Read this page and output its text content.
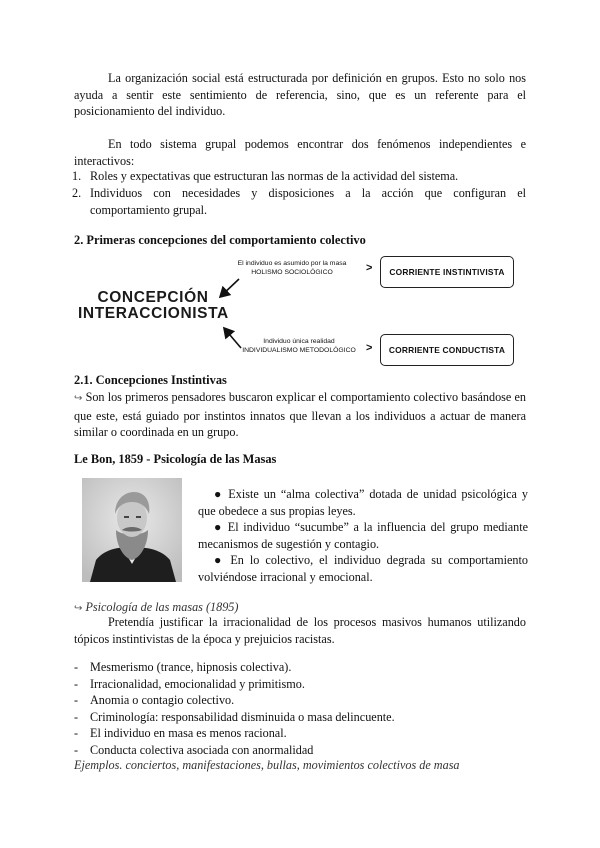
La organización social está estructurada por definición en grupos. Esto no solo nos ayuda a sentir este sentimiento de referencia, sino, que es un referente para el posicionamiento del individuo.
En todo sistema grupal podemos encontrar dos fenómenos independientes e interactivos:
1. Roles y expectativas que estructuran las normas de la actividad del sistema.
2. Individuos con necesidades y disposiciones a la acción que configuran el comportamiento grupal.
2. Primeras concepciones del comportamiento colectivo
CONCEPCIÓN
INTERACCIONISTA
El individuo es asumido por la masa
HOLISMO SOCIOLÓGICO	>	CORRIENTE INSTINTIVISTA
Individuo única realidad
INDIVIDUALISMO METODOLÓGICO >	CORRIENTE CONDUCTISTA
2.1. Concepciones Instintivas
↪ Son los primeros pensadores buscaron explicar el comportamiento colectivo basándose en que este, está guiado por instintos innatos que llevan a los individuos a actuar de manera similar o coordinada en un grupo.
Le Bon, 1859 - Psicología de las Masas
● Existe un “alma colectiva” dotada de unidad psicológica y que obedece a sus propias leyes.
● El individuo “sucumbe” a la influencia del grupo mediante mecanismos de sugestión y contagio.
● En lo colectivo, el individuo degrada su comportamiento volviéndose irracional y emocional.
↪ Psicología de las masas (1895)
Pretendía justificar la irracionalidad de los procesos masivos humanos utilizando tópicos instintivistas de la época y prejuicios racistas.
- Mesmerismo (trance, hipnosis colectiva).
- Irracionalidad, emocionalidad y primitismo.
- Anomia o contagio colectivo.
- Criminología: responsabilidad disminuida o masa delincuente.
- El individuo en masa es menos racional.
- Conducta colectiva asociada con anormalidad
Ejemplos. conciertos, manifestaciones, bullas, movimientos colectivos de masa
